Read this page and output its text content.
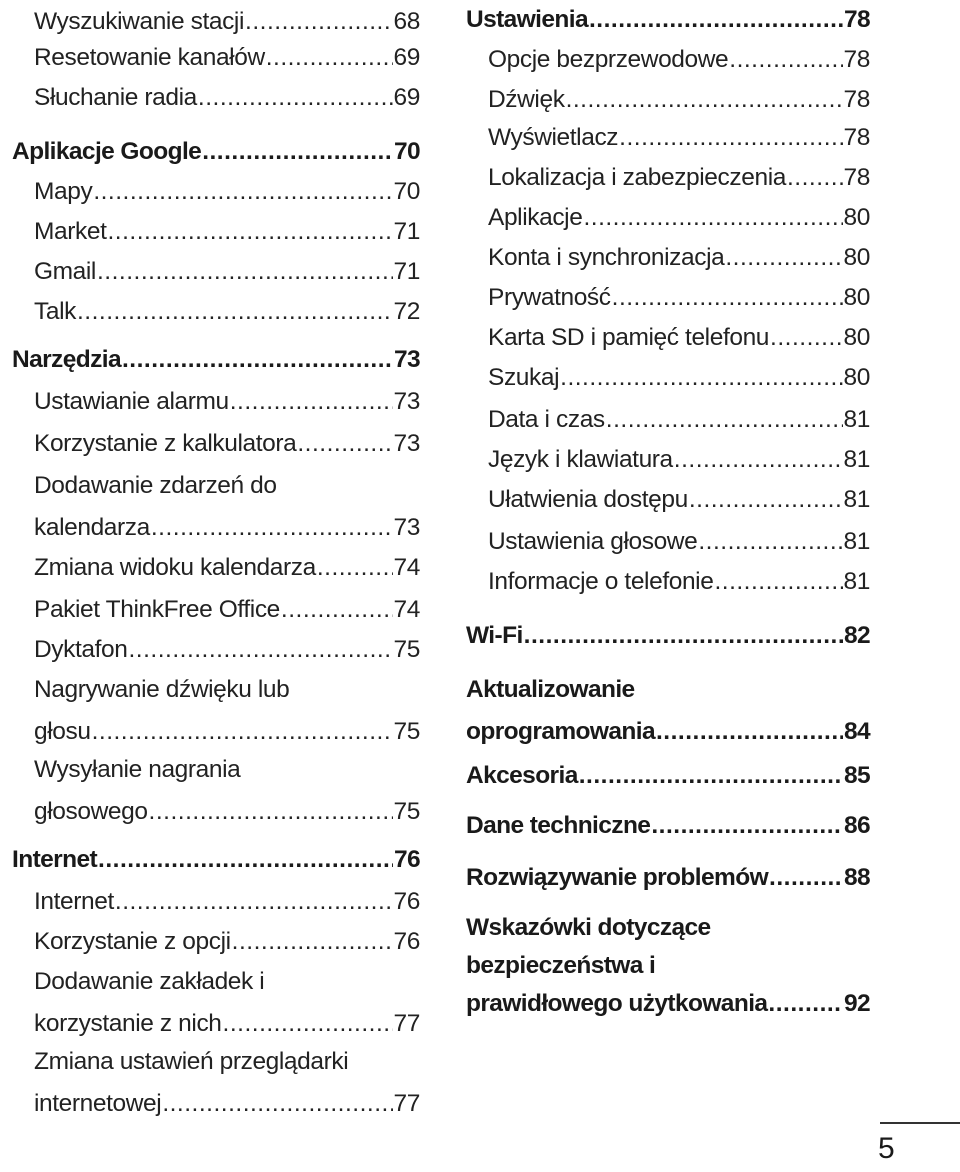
Wyszukiwanie stacji .....	68
Resetowanie kanałów .....	69
Słuchanie radia .....	69
Aplikacje Google .....	70
Mapy .....	70
Market .....	71
Gmail .....	71
Talk .....	72
Narzędzia .....	73
Ustawianie alarmu .....	73
Korzystanie z kalkulatora .....	73
Dodawanie zdarzeń do
kalendarza .....	73
Zmiana widoku kalendarza .....	74
Pakiet ThinkFree Office .....	74
Dyktafon .....	75
Nagrywanie dźwięku lub
głosu .....	75
Wysyłanie nagrania
głosowego .....	75
Internet .....	76
Internet .....	76
Korzystanie z opcji .....	76
Dodawanie zakładek i
korzystanie z nich .....	77
Zmiana ustawień przeglądarki
internetowej .....	77
Ustawienia .....	78
Opcje bezprzewodowe .....	78
Dźwięk .....	78
Wyświetlacz .....	78
Lokalizacja i zabezpieczenia ..... 78
Aplikacje .....	80
Konta i synchronizacja .....	80
Prywatność .....	80
Karta SD i pamięć telefonu .....	80
Szukaj .....	80
Data i czas .....	81
Język i klawiatura .....	81
Ułatwienia dostępu .....	81
Ustawienia głosowe .....	81
Informacje o telefonie .....	81
Wi-Fi .....	82
Aktualizowanie
oprogramowania .....	84
Akcesoria .....	85
Dane techniczne .....	86
Rozwiązywanie problemów .....	88
Wskazówki dotyczące
bezpieczeństwa i
prawidłowego użytkowania .....	92
5
